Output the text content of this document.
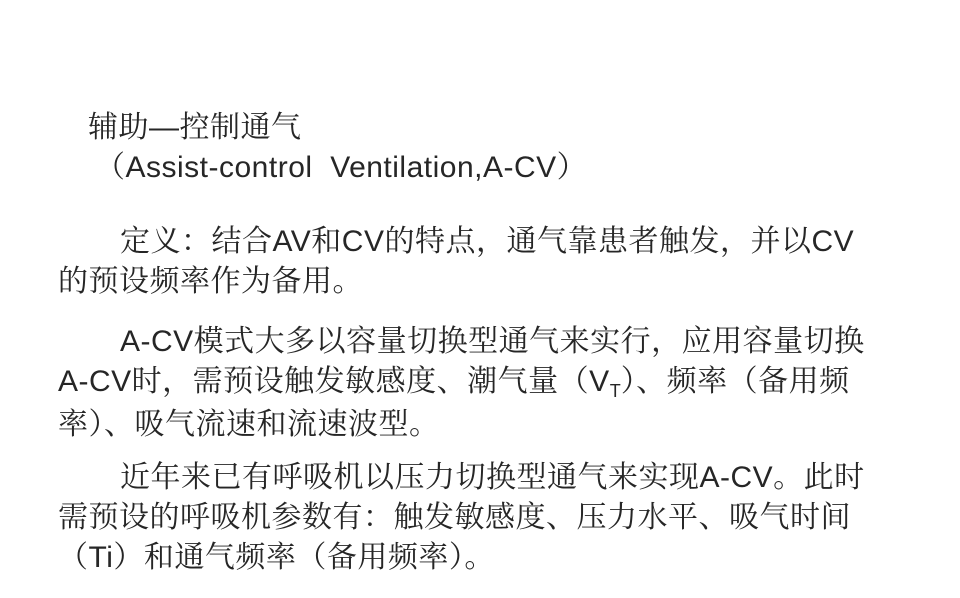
辅助—控制通气
（Assist-control  Ventilation,A-CV）
定义：结合AV和CV的特点，通气靠患者触发，并以CV
的预设频率作为备用。
A-CV模式大多以容量切换型通气来实行，应用容量切换
A-CV时，需预设触发敏感度、潮气量$(V_T)$、频率（备用频
率）、吸气流速和流速波型。
近年来已有呼吸机以压力切换型通气来实现A-CV。此时
需预设的呼吸机参数有：触发敏感度、压力水平、吸气时间
（Ti）和通气频率（备用频率）。
